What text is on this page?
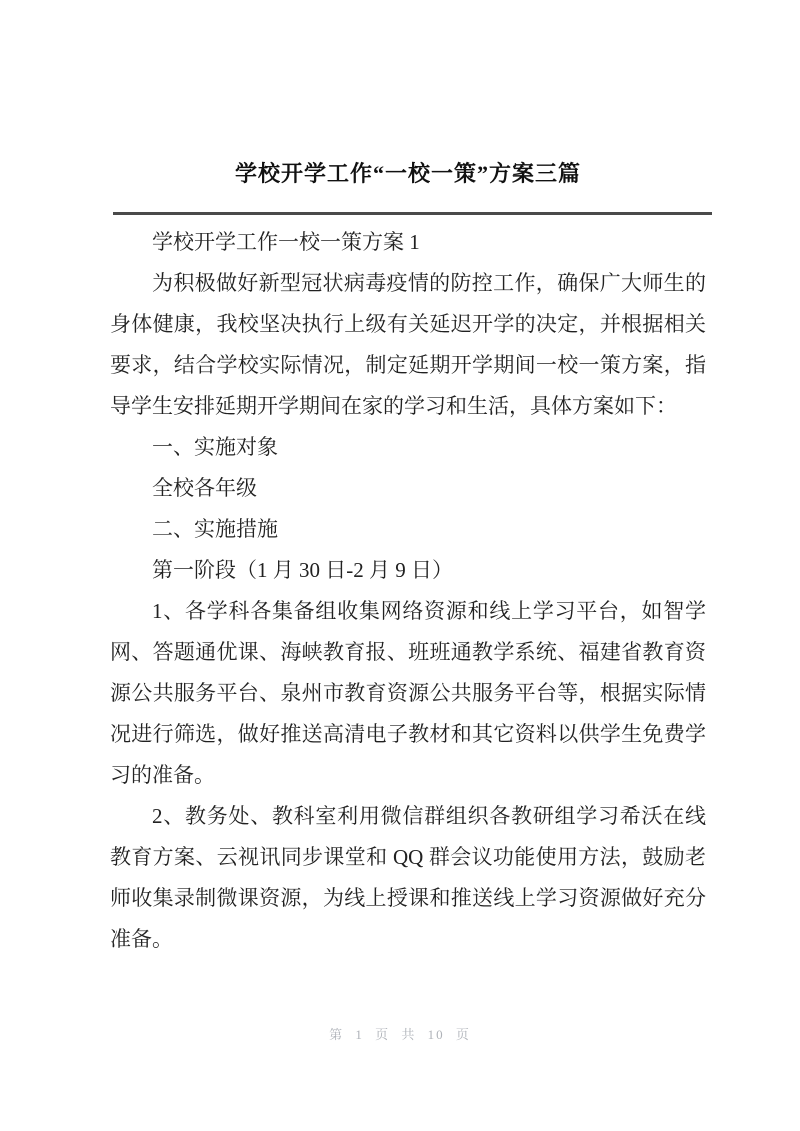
学校开学工作“一校一策”方案三篇

学校开学工作一校一策方案 1

为积极做好新型冠状病毒疫情的防控工作，确保广大师生的身体健康，我校坚决执行上级有关延迟开学的决定，并根据相关要求，结合学校实际情况，制定延期开学期间一校一策方案，指导学生安排延期开学期间在家的学习和生活，具体方案如下：

一、实施对象

全校各年级

二、实施措施

第一阶段（1 月 30 日-2 月 9 日）

1、各学科各集备组收集网络资源和线上学习平台，如智学网、答题通优课、海峡教育报、班班通教学系统、福建省教育资源公共服务平台、泉州市教育资源公共服务平台等，根据实际情况进行筛选，做好推送高清电子教材和其它资料以供学生免费学习的准备。

2、教务处、教科室利用微信群组织各教研组学习希沃在线教育方案、云视讯同步课堂和 QQ 群会议功能使用方法，鼓励老师收集录制微课资源，为线上授课和推送线上学习资源做好充分准备。

第 1 页 共 10 页
